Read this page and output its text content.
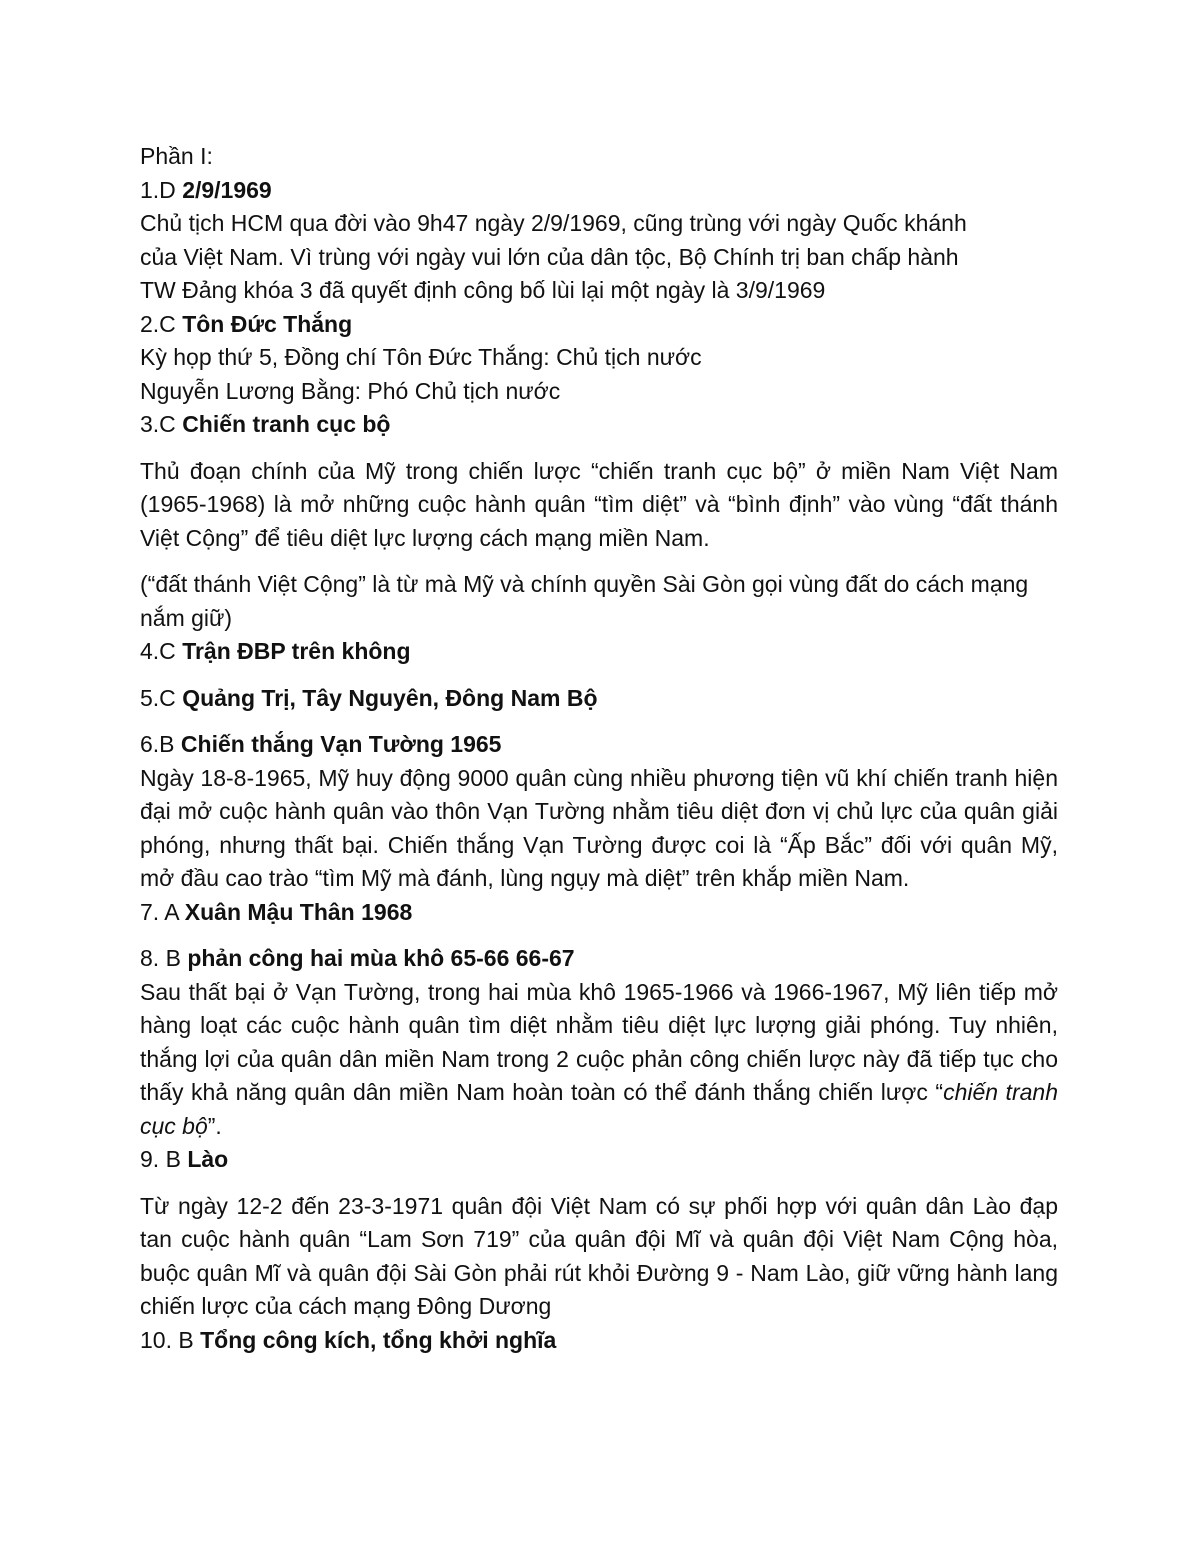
Phần I:

1.D 2/9/1969

Chủ tịch HCM qua đời vào 9h47 ngày 2/9/1969, cũng trùng với ngày Quốc khánh

của Việt Nam. Vì trùng với ngày vui lớn của dân tộc, Bộ Chính trị ban chấp hành

TW Đảng khóa 3 đã quyết định công bố lùi lại một ngày là 3/9/1969

2.C Tôn Đức Thắng

Kỳ họp thứ 5, Đồng chí Tôn Đức Thắng: Chủ tịch nước

Nguyễn Lương Bằng: Phó Chủ tịch nước

3.C Chiến tranh cục bộ

Thủ đoạn chính của Mỹ trong chiến lược “chiến tranh cục bộ” ở miền Nam Việt Nam (1965-1968) là mở những cuộc hành quân “tìm diệt” và “bình định” vào vùng “đất thánh Việt Cộng” để tiêu diệt lực lượng cách mạng miền Nam.

(“đất thánh Việt Cộng” là từ mà Mỹ và chính quyền Sài Gòn gọi vùng đất do cách mạng nắm giữ)

4.C Trận ĐBP trên không

5.C Quảng Trị, Tây Nguyên, Đông Nam Bộ

6.B Chiến thắng Vạn Tường 1965

Ngày 18-8-1965, Mỹ huy động 9000 quân cùng nhiều phương tiện vũ khí chiến tranh hiện đại mở cuộc hành quân vào thôn Vạn Tường nhằm tiêu diệt đơn vị chủ lực của quân giải phóng, nhưng thất bại. Chiến thắng Vạn Tường được coi là “Ấp Bắc” đối với quân Mỹ, mở đầu cao trào “tìm Mỹ mà đánh, lùng ngụy mà diệt” trên khắp miền Nam.

7. A Xuân Mậu Thân 1968

8. B phản công hai mùa khô 65-66 66-67

Sau thất bại ở Vạn Tường, trong hai mùa khô 1965-1966 và 1966-1967, Mỹ liên tiếp mở hàng loạt các cuộc hành quân tìm diệt nhằm tiêu diệt lực lượng giải phóng. Tuy nhiên, thắng lợi của quân dân miền Nam trong 2 cuộc phản công chiến lược này đã tiếp tục cho thấy khả năng quân dân miền Nam hoàn toàn có thể đánh thắng chiến lược “chiến tranh cục bộ”.

9. B Lào

Từ ngày 12-2 đến 23-3-1971 quân đội Việt Nam có sự phối hợp với quân dân Lào đạp tan cuộc hành quân “Lam Sơn 719” của quân đội Mĩ và quân đội Việt Nam Cộng hòa, buộc quân Mĩ và quân đội Sài Gòn phải rút khỏi Đường 9 - Nam Lào, giữ vững hành lang chiến lược của cách mạng Đông Dương

10. B Tổng công kích, tổng khởi nghĩa
